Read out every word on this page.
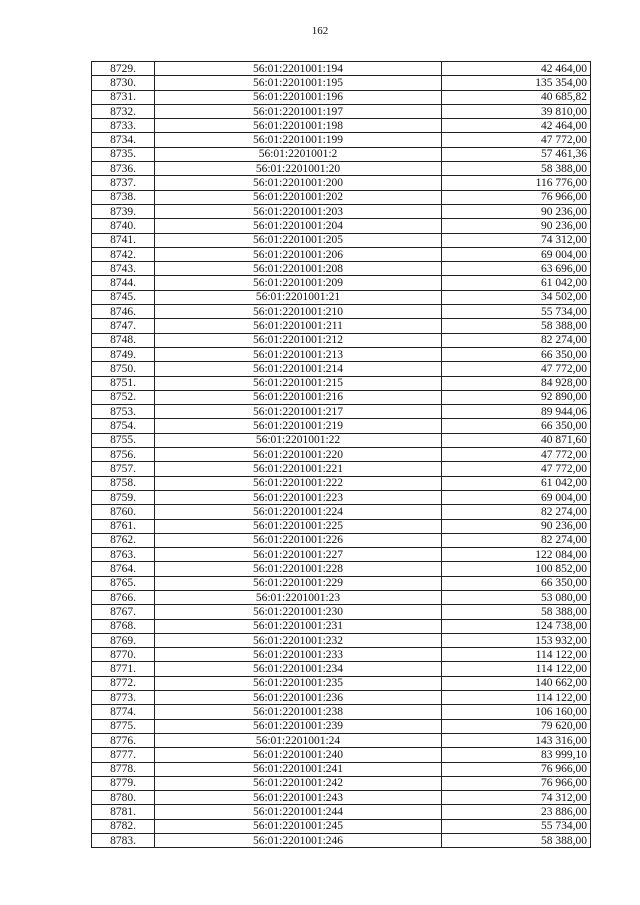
162
8729.	56:01:2201001:194	42 464,00
8730.	56:01:2201001:195	135 354,00
8731.	56:01:2201001:196	40 685,82
8732.	56:01:2201001:197	39 810,00
8733.	56:01:2201001:198	42 464,00
8734.	56:01:2201001:199	47 772,00
8735.	56:01:2201001:2	57 461,36
8736.	56:01:2201001:20	58 388,00
8737.	56:01:2201001:200	116 776,00
8738.	56:01:2201001:202	76 966,00
8739.	56:01:2201001:203	90 236,00
8740.	56:01:2201001:204	90 236,00
8741.	56:01:2201001:205	74 312,00
8742.	56:01:2201001:206	69 004,00
8743.	56:01:2201001:208	63 696,00
8744.	56:01:2201001:209	61 042,00
8745.	56:01:2201001:21	34 502,00
8746.	56:01:2201001:210	55 734,00
8747.	56:01:2201001:211	58 388,00
8748.	56:01:2201001:212	82 274,00
8749.	56:01:2201001:213	66 350,00
8750.	56:01:2201001:214	47 772,00
8751.	56:01:2201001:215	84 928,00
8752.	56:01:2201001:216	92 890,00
8753.	56:01:2201001:217	89 944,06
8754.	56:01:2201001:219	66 350,00
8755.	56:01:2201001:22	40 871,60
8756.	56:01:2201001:220	47 772,00
8757.	56:01:2201001:221	47 772,00
8758.	56:01:2201001:222	61 042,00
8759.	56:01:2201001:223	69 004,00
8760.	56:01:2201001:224	82 274,00
8761.	56:01:2201001:225	90 236,00
8762.	56:01:2201001:226	82 274,00
8763.	56:01:2201001:227	122 084,00
8764.	56:01:2201001:228	100 852,00
8765.	56:01:2201001:229	66 350,00
8766.	56:01:2201001:23	53 080,00
8767.	56:01:2201001:230	58 388,00
8768.	56:01:2201001:231	124 738,00
8769.	56:01:2201001:232	153 932,00
8770.	56:01:2201001:233	114 122,00
8771.	56:01:2201001:234	114 122,00
8772.	56:01:2201001:235	140 662,00
8773.	56:01:2201001:236	114 122,00
8774.	56:01:2201001:238	106 160,00
8775.	56:01:2201001:239	79 620,00
8776.	56:01:2201001:24	143 316,00
8777.	56:01:2201001:240	83 999,10
8778.	56:01:2201001:241	76 966,00
8779.	56:01:2201001:242	76 966,00
8780.	56:01:2201001:243	74 312,00
8781.	56:01:2201001:244	23 886,00
8782.	56:01:2201001:245	55 734,00
8783.	56:01:2201001:246	58 388,00
